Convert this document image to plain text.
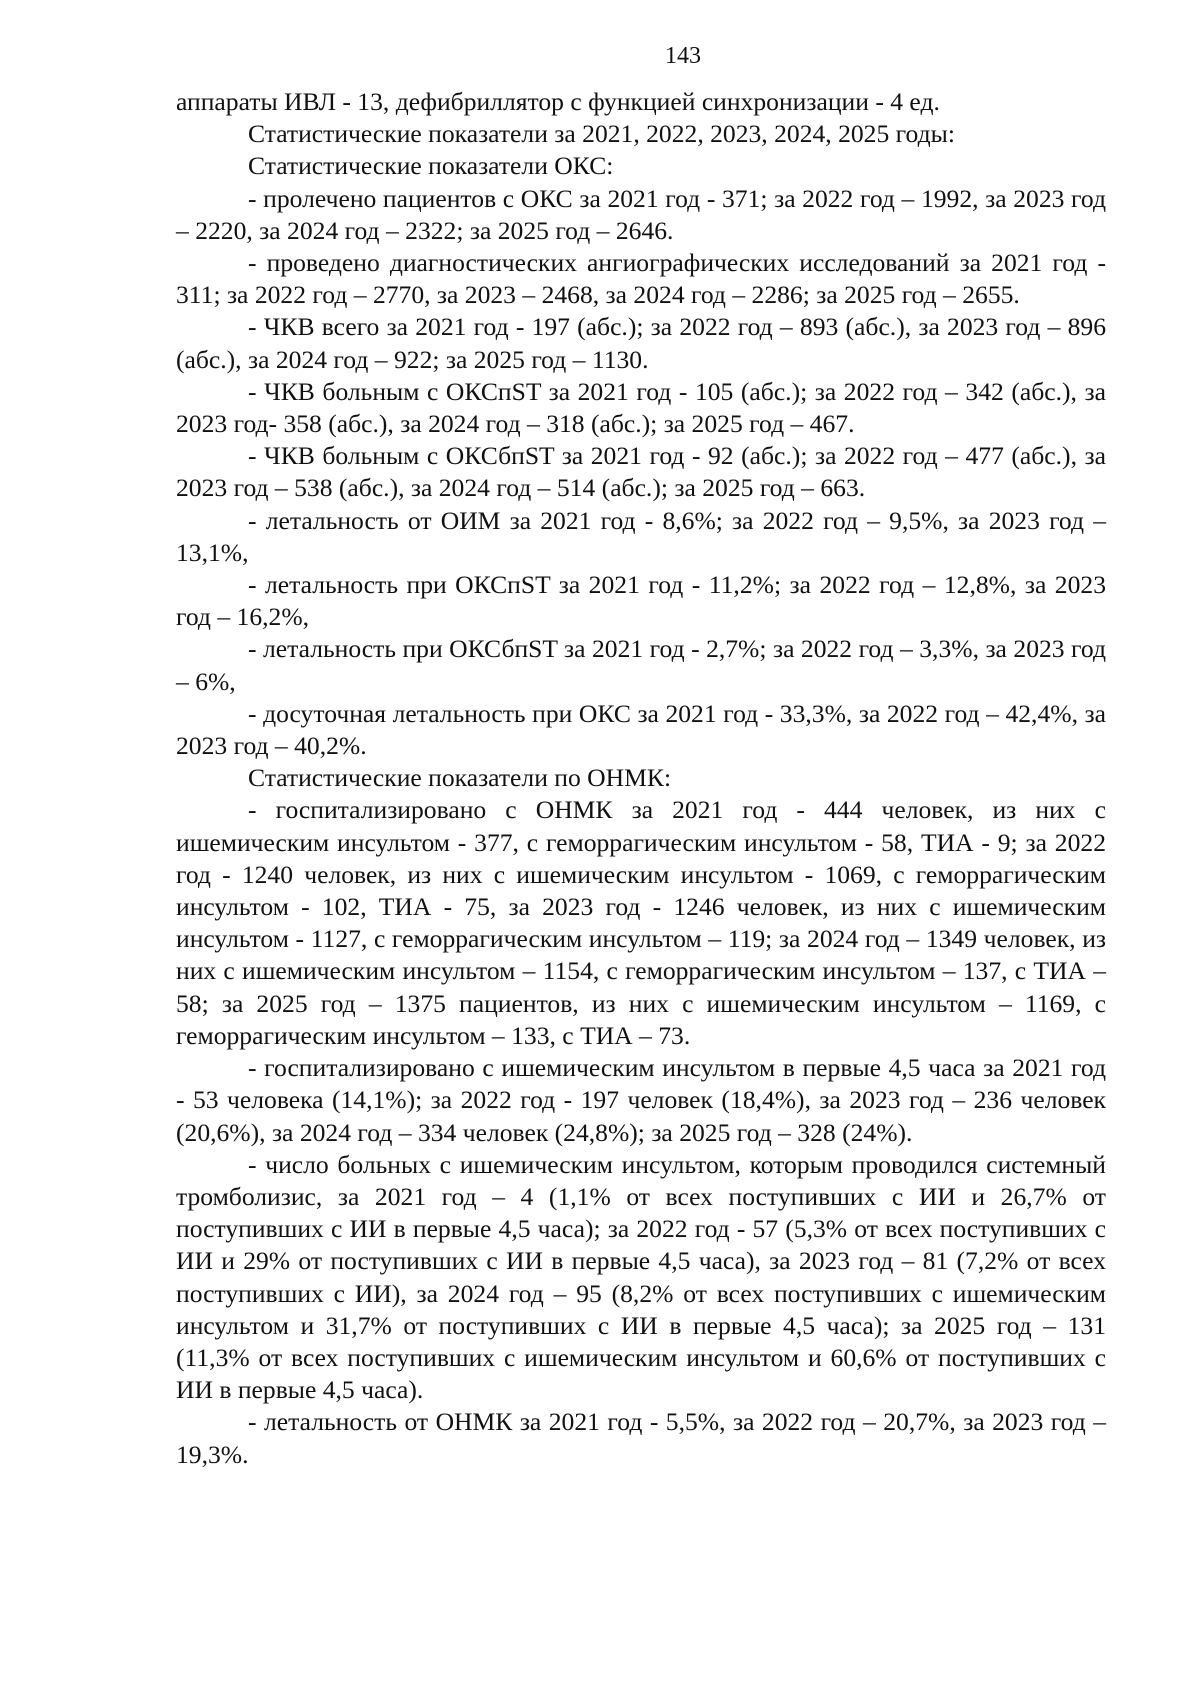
143

аппараты ИВЛ - 13, дефибриллятор с функцией синхронизации - 4 ед.

Статистические показатели за 2021, 2022, 2023, 2024, 2025 годы:

Статистические показатели ОКС:

- пролечено пациентов с ОКС за 2021 год - 371; за 2022 год – 1992, за 2023 год – 2220, за 2024 год – 2322; за 2025 год – 2646.

- проведено диагностических ангиографических исследований за 2021 год - 311; за 2022 год – 2770, за 2023 – 2468, за 2024 год – 2286; за 2025 год – 2655.

- ЧКВ всего за 2021 год - 197 (абс.); за 2022 год – 893 (абс.), за 2023 год – 896 (абс.), за 2024 год – 922; за 2025 год – 1130.

- ЧКВ больным с ОКСпST за 2021 год - 105 (абс.); за 2022 год – 342 (абс.), за 2023 год- 358 (абс.), за 2024 год – 318 (абс.); за 2025 год – 467.

- ЧКВ больным с ОКСбпST за 2021 год - 92 (абс.); за 2022 год – 477 (абс.), за 2023 год – 538 (абс.), за 2024 год – 514 (абс.); за 2025 год – 663.

- летальность от ОИМ за 2021 год - 8,6%; за 2022 год – 9,5%, за 2023 год – 13,1%,

- летальность при ОКСпST за 2021 год - 11,2%; за 2022 год – 12,8%, за 2023 год – 16,2%,

- летальность при ОКСбпST за 2021 год - 2,7%; за 2022 год – 3,3%, за 2023 год – 6%,

- досуточная летальность при ОКС за 2021 год - 33,3%, за 2022 год – 42,4%, за 2023 год – 40,2%.

Статистические показатели по ОНМК:

- госпитализировано с ОНМК за 2021 год - 444 человек, из них с ишемическим инсультом - 377, с геморрагическим инсультом - 58, ТИА - 9; за 2022 год - 1240 человек, из них с ишемическим инсультом - 1069, с геморрагическим инсультом - 102, ТИА - 75, за 2023 год - 1246 человек, из них с ишемическим инсультом - 1127, с геморрагическим инсультом – 119; за 2024 год – 1349 человек, из них с ишемическим инсультом – 1154, с геморрагическим инсультом – 137, с ТИА – 58; за 2025 год – 1375 пациентов, из них с ишемическим инсультом – 1169, с геморрагическим инсультом – 133, с ТИА – 73.

- госпитализировано с ишемическим инсультом в первые 4,5 часа за 2021 год - 53 человека (14,1%); за 2022 год - 197 человек (18,4%), за 2023 год – 236 человек (20,6%), за 2024 год – 334 человек (24,8%); за 2025 год – 328 (24%).

- число больных с ишемическим инсультом, которым проводился системный тромболизис, за 2021 год – 4 (1,1% от всех поступивших с ИИ и 26,7% от поступивших с ИИ в первые 4,5 часа); за 2022 год - 57 (5,3% от всех поступивших с ИИ и 29% от поступивших с ИИ в первые 4,5 часа), за 2023 год – 81 (7,2% от всех поступивших с ИИ), за 2024 год – 95 (8,2% от всех поступивших с ишемическим инсультом и 31,7% от поступивших с ИИ в первые 4,5 часа); за 2025 год – 131 (11,3% от всех поступивших с ишемическим инсультом и 60,6% от поступивших с ИИ в первые 4,5 часа).

- летальность от ОНМК за 2021 год - 5,5%, за 2022 год – 20,7%, за 2023 год – 19,3%.
